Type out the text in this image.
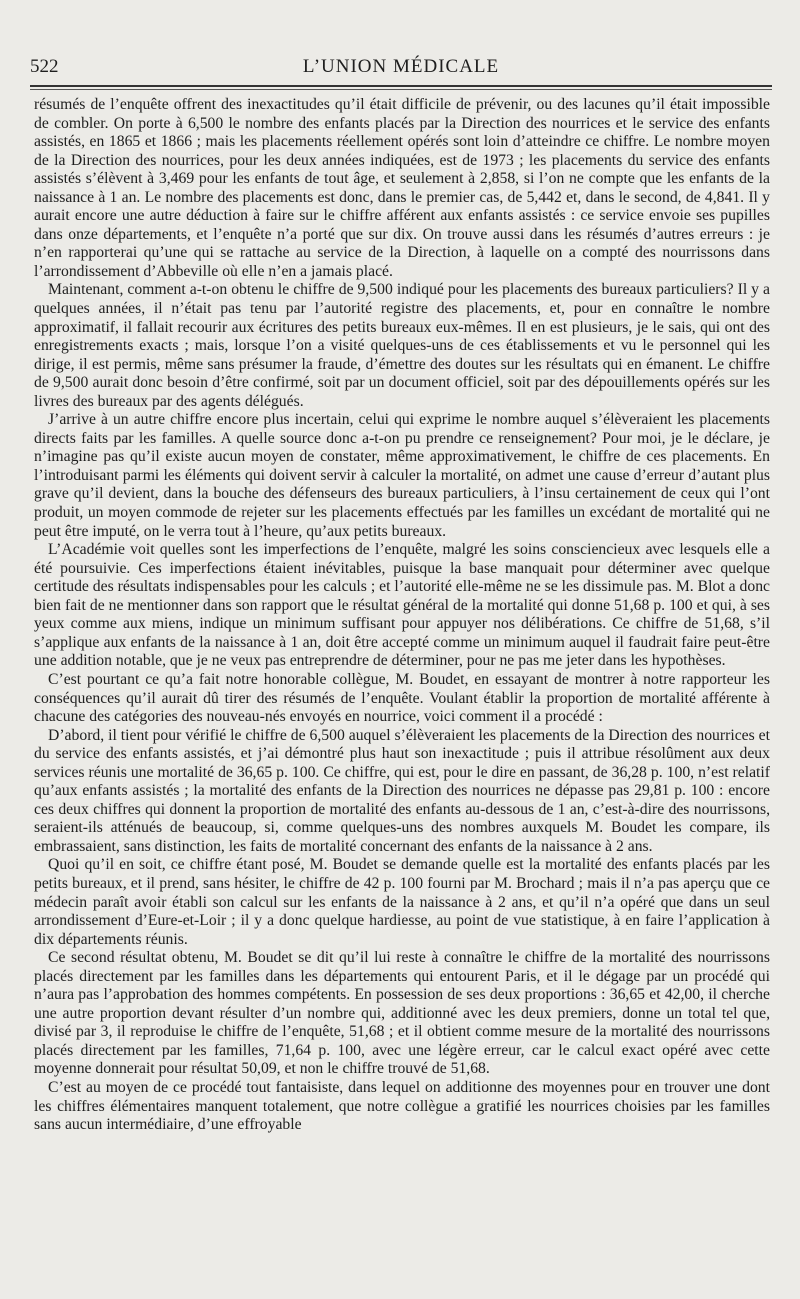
522	L’UNION MÉDICALE

résumés de l’enquête offrent des inexactitudes qu’il était difficile de prévenir, ou des lacunes qu’il était impossible de combler. On porte à 6,500 le nombre des enfants placés par la Direction des nourrices et le service des enfants assistés, en 1865 et 1866 ; mais les placements réellement opérés sont loin d’atteindre ce chiffre. Le nombre moyen de la Direction des nourrices, pour les deux années indiquées, est de 1973 ; les placements du service des enfants assistés s’élèvent à 3,469 pour les enfants de tout âge, et seulement à 2,858, si l’on ne compte que les enfants de la naissance à 1 an. Le nombre des placements est donc, dans le premier cas, de 5,442 et, dans le second, de 4,841. Il y aurait encore une autre déduction à faire sur le chiffre afférent aux enfants assistés : ce service envoie ses pupilles dans onze départements, et l’enquête n’a porté que sur dix. On trouve aussi dans les résumés d’autres erreurs : je n’en rapporterai qu’une qui se rattache au service de la Direction, à laquelle on a compté des nourrissons dans l’arrondissement d’Abbeville où elle n’en a jamais placé.

Maintenant, comment a-t-on obtenu le chiffre de 9,500 indiqué pour les placements des bureaux particuliers? Il y a quelques années, il n’était pas tenu par l’autorité registre des placements, et, pour en connaître le nombre approximatif, il fallait recourir aux écritures des petits bureaux eux-mêmes. Il en est plusieurs, je le sais, qui ont des enregistrements exacts ; mais, lorsque l’on a visité quelques-uns de ces établissements et vu le personnel qui les dirige, il est permis, même sans présumer la fraude, d’émettre des doutes sur les résultats qui en émanent. Le chiffre de 9,500 aurait donc besoin d’être confirmé, soit par un document officiel, soit par des dépouillements opérés sur les livres des bureaux par des agents délégués.

J’arrive à un autre chiffre encore plus incertain, celui qui exprime le nombre auquel s’élèveraient les placements directs faits par les familles. A quelle source donc a-t-on pu prendre ce renseignement? Pour moi, je le déclare, je n’imagine pas qu’il existe aucun moyen de constater, même approximativement, le chiffre de ces placements. En l’introduisant parmi les éléments qui doivent servir à calculer la mortalité, on admet une cause d’erreur d’autant plus grave qu’il devient, dans la bouche des défenseurs des bureaux particuliers, à l’insu certainement de ceux qui l’ont produit, un moyen commode de rejeter sur les placements effectués par les familles un excédant de mortalité qui ne peut être imputé, on le verra tout à l’heure, qu’aux petits bureaux.

L’Académie voit quelles sont les imperfections de l’enquête, malgré les soins consciencieux avec lesquels elle a été poursuivie. Ces imperfections étaient inévitables, puisque la base manquait pour déterminer avec quelque certitude des résultats indispensables pour les calculs ; et l’autorité elle-même ne se les dissimule pas. M. Blot a donc bien fait de ne mentionner dans son rapport que le résultat général de la mortalité qui donne 51,68 p. 100 et qui, à ses yeux comme aux miens, indique un minimum suffisant pour appuyer nos délibérations. Ce chiffre de 51,68, s’il s’applique aux enfants de la naissance à 1 an, doit être accepté comme un minimum auquel il faudrait faire peut-être une addition notable, que je ne veux pas entreprendre de déterminer, pour ne pas me jeter dans les hypothèses.

C’est pourtant ce qu’a fait notre honorable collègue, M. Boudet, en essayant de montrer à notre rapporteur les conséquences qu’il aurait dû tirer des résumés de l’enquête. Voulant établir la proportion de mortalité afférente à chacune des catégories des nouveau-nés envoyés en nourrice, voici comment il a procédé :

D’abord, il tient pour vérifié le chiffre de 6,500 auquel s’élèveraient les placements de la Direction des nourrices et du service des enfants assistés, et j’ai démontré plus haut son inexactitude ; puis il attribue résolûment aux deux services réunis une mortalité de 36,65 p. 100. Ce chiffre, qui est, pour le dire en passant, de 36,28 p. 100, n’est relatif qu’aux enfants assistés ; la mortalité des enfants de la Direction des nourrices ne dépasse pas 29,81 p. 100 : encore ces deux chiffres qui donnent la proportion de mortalité des enfants au-dessous de 1 an, c’est-à-dire des nourrissons, seraient-ils atténués de beaucoup, si, comme quelques-uns des nombres auxquels M. Boudet les compare, ils embrassaient, sans distinction, les faits de mortalité concernant des enfants de la naissance à 2 ans.

Quoi qu’il en soit, ce chiffre étant posé, M. Boudet se demande quelle est la mortalité des enfants placés par les petits bureaux, et il prend, sans hésiter, le chiffre de 42 p. 100 fourni par M. Brochard ; mais il n’a pas aperçu que ce médecin paraît avoir établi son calcul sur les enfants de la naissance à 2 ans, et qu’il n’a opéré que dans un seul arrondissement d’Eure-et-Loir ; il y a donc quelque hardiesse, au point de vue statistique, à en faire l’application à dix départements réunis.

Ce second résultat obtenu, M. Boudet se dit qu’il lui reste à connaître le chiffre de la mortalité des nourrissons placés directement par les familles dans les départements qui entourent Paris, et il le dégage par un procédé qui n’aura pas l’approbation des hommes compétents. En possession de ses deux proportions : 36,65 et 42,00, il cherche une autre proportion devant résulter d’un nombre qui, additionné avec les deux premiers, donne un total tel que, divisé par 3, il reproduise le chiffre de l’enquête, 51,68 ; et il obtient comme mesure de la mortalité des nourrissons placés directement par les familles, 71,64 p. 100, avec une légère erreur, car le calcul exact opéré avec cette moyenne donnerait pour résultat 50,09, et non le chiffre trouvé de 51,68.

C’est au moyen de ce procédé tout fantaisiste, dans lequel on additionne des moyennes pour en trouver une dont les chiffres élémentaires manquent totalement, que notre collègue a gratifié les nourrices choisies par les familles sans aucun intermédiaire, d’une effroyable
